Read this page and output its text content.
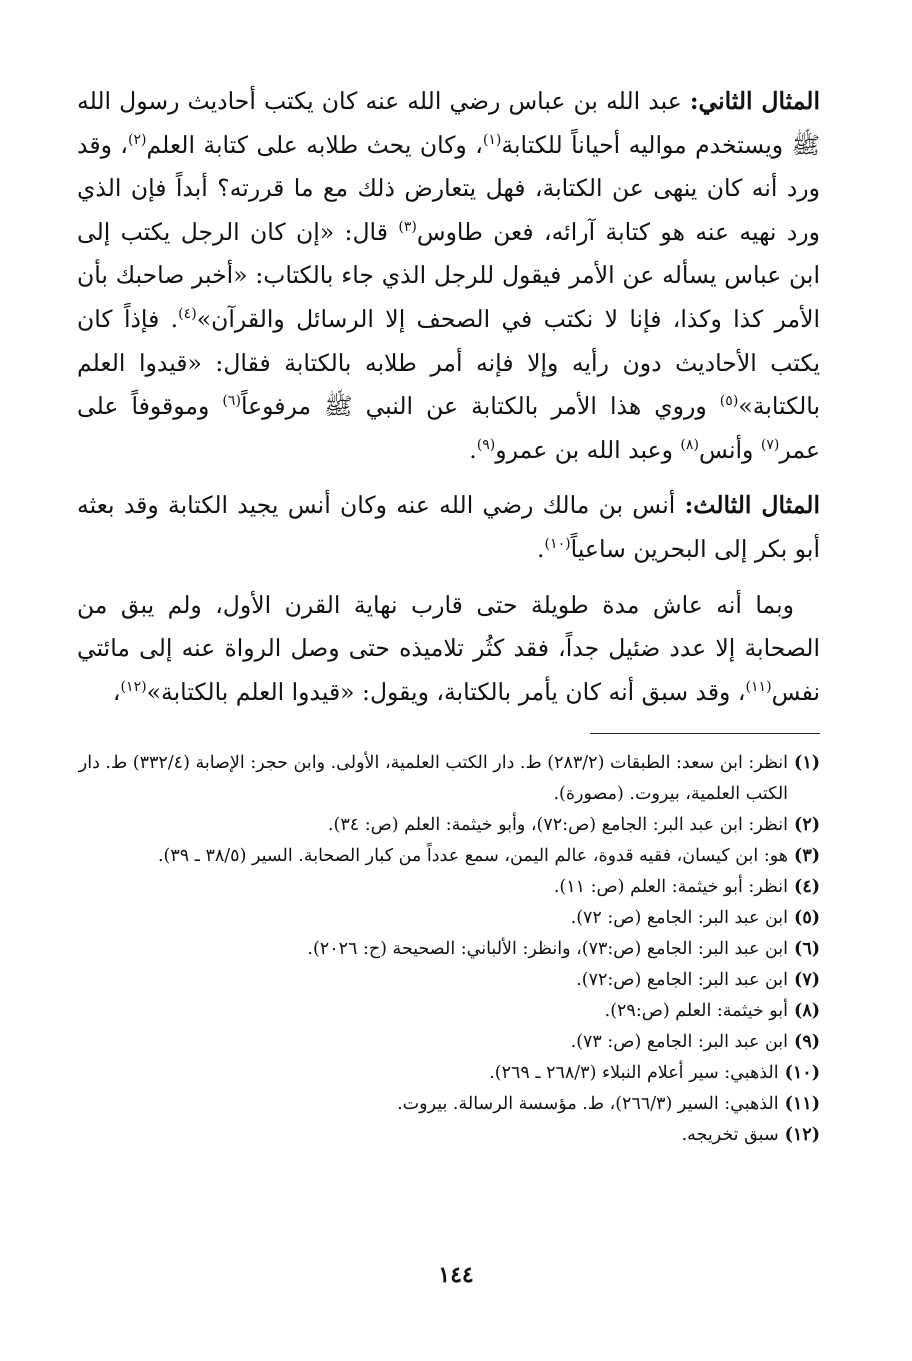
المثال الثاني: عبد الله بن عباس رضي الله عنه كان يكتب أحاديث رسول الله ﷺ ويستخدم مواليه أحياناً للكتابة$^{(١)}$، وكان يحث طلابه على كتابة العلم$^{(٢)}$، وقد ورد أنه كان ينهى عن الكتابة، فهل يتعارض ذلك مع ما قررته؟ أبداً فإن الذي ورد نهيه عنه هو كتابة آرائه، فعن طاوس$^{(٣)}$ قال: «إن كان الرجل يكتب إلى ابن عباس يسأله عن الأمر فيقول للرجل الذي جاء بالكتاب: «أخبر صاحبك بأن الأمر كذا وكذا، فإنا لا نكتب في الصحف إلا الرسائل والقرآن»$^{(٤)}$. فإذاً كان يكتب الأحاديث دون رأيه وإلا فإنه أمر طلابه بالكتابة فقال: «قيدوا العلم بالكتابة»$^{(٥)}$ وروي هذا الأمر بالكتابة عن النبي ﷺ مرفوعاً$^{(٦)}$ وموقوفاً على عمر$^{(٧)}$ وأنس$^{(٨)}$ وعبد الله بن عمرو$^{(٩)}$.

المثال الثالث: أنس بن مالك رضي الله عنه وكان أنس يجيد الكتابة وقد بعثه أبو بكر إلى البحرين ساعياً$^{(١٠)}$.

وبما أنه عاش مدة طويلة حتى قارب نهاية القرن الأول، ولم يبق من الصحابة إلا عدد ضئيل جداً، فقد كثُر تلاميذه حتى وصل الرواة عنه إلى مائتي نفس$^{(١١)}$، وقد سبق أنه كان يأمر بالكتابة، ويقول: «قيدوا العلم بالكتابة»$^{(١٢)}$،

(١)
انظر: ابن سعد: الطبقات (٢٨٣/٢) ط. دار الكتب العلمية، الأولى. وابن حجر: الإصابة (٣٣٢/٤) ط. دار الكتب العلمية، بيروت. (مصورة).
(٢)
انظر: ابن عبد البر: الجامع (ص:٧٢)، وأبو خيثمة: العلم (ص: ٣٤).
(٣)
هو: ابن كيسان، فقيه قدوة، عالم اليمن، سمع عدداً من كبار الصحابة. السير (٣٨/٥ ـ ٣٩).
(٤)
انظر: أبو خيثمة: العلم (ص: ١١).
(٥)
ابن عبد البر: الجامع (ص: ٧٢).
(٦)
ابن عبد البر: الجامع (ص:٧٣)، وانظر: الألباني: الصحيحة (ح: ٢٠٢٦).
(٧)
ابن عبد البر: الجامع (ص:٧٢).
(٨)
أبو خيثمة: العلم (ص:٢٩).
(٩)
ابن عبد البر: الجامع (ص: ٧٣).
(١٠)
الذهبي: سير أعلام النبلاء (٢٦٨/٣ ـ ٢٦٩).
(١١)
الذهبي: السير (٢٦٦/٣)، ط. مؤسسة الرسالة. بيروت.
(١٢)
سبق تخريجه.
١٤٤
